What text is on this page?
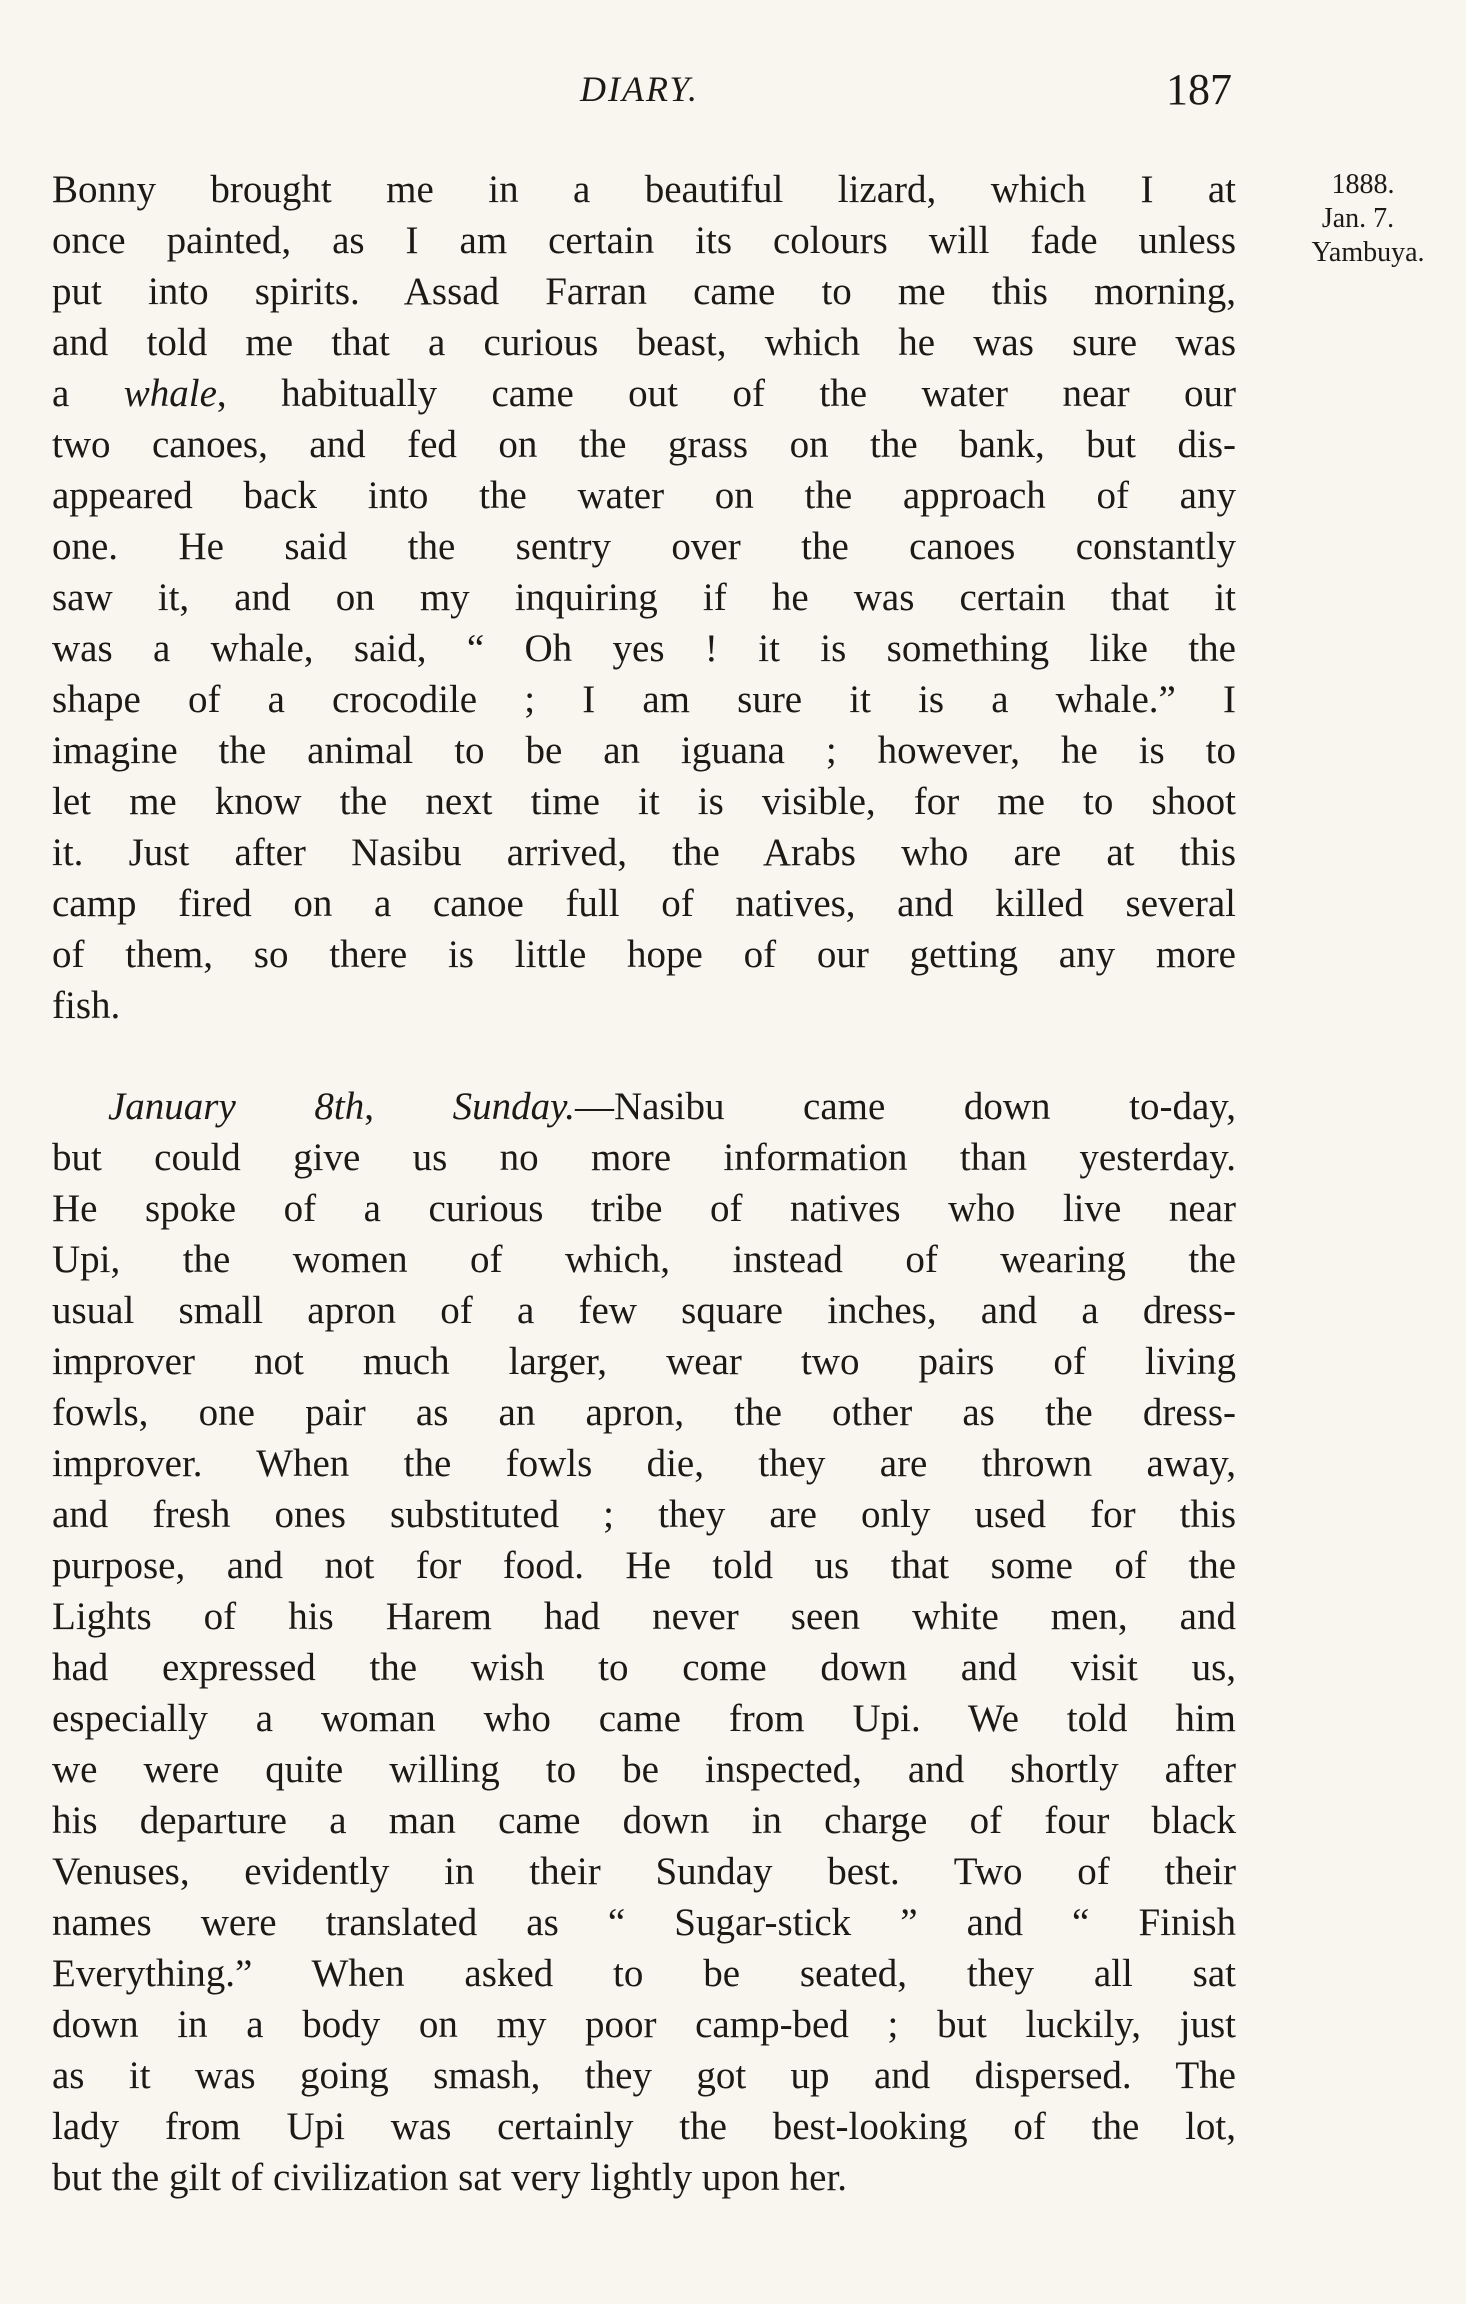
DIARY.	187
1888.
Jan. 7.
Yambuya.

Bonny brought me in a beautiful lizard, which I at
once painted, as I am certain its colours will fade unless
put into spirits. Assad Farran came to me this morning,
and told me that a curious beast, which he was sure was
a whale, habitually came out of the water near our
two canoes, and fed on the grass on the bank, but dis-
appeared back into the water on the approach of any
one. He said the sentry over the canoes constantly
saw it, and on my inquiring if he was certain that it
was a whale, said, “ Oh yes ! it is something like the
shape of a crocodile ; I am sure it is a whale.” I
imagine the animal to be an iguana ; however, he is to
let me know the next time it is visible, for me to shoot
it. Just after Nasibu arrived, the Arabs who are at this
camp fired on a canoe full of natives, and killed several
of them, so there is little hope of our getting any more
fish.

January 8th, Sunday.—Nasibu came down to-day,
but could give us no more information than yesterday.
He spoke of a curious tribe of natives who live near
Upi, the women of which, instead of wearing the
usual small apron of a few square inches, and a dress-
improver not much larger, wear two pairs of living
fowls, one pair as an apron, the other as the dress-
improver. When the fowls die, they are thrown away,
and fresh ones substituted ; they are only used for this
purpose, and not for food. He told us that some of the
Lights of his Harem had never seen white men, and
had expressed the wish to come down and visit us,
especially a woman who came from Upi. We told him
we were quite willing to be inspected, and shortly after
his departure a man came down in charge of four black
Venuses, evidently in their Sunday best. Two of their
names were translated as “ Sugar-stick ” and “ Finish
Everything.” When asked to be seated, they all sat
down in a body on my poor camp-bed ; but luckily, just
as it was going smash, they got up and dispersed. The
lady from Upi was certainly the best-looking of the lot,
but the gilt of civilization sat very lightly upon her.
